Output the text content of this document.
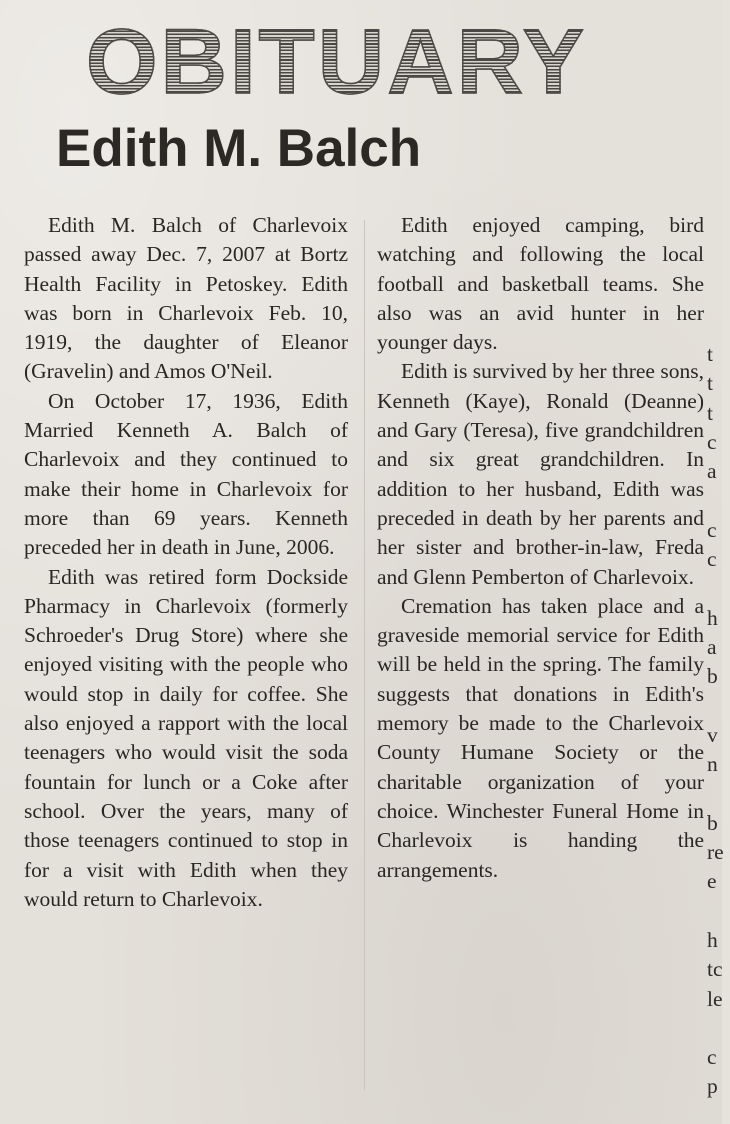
OBITUARY
Edith M. Balch

Edith M. Balch of Charlevoix passed away Dec. 7, 2007 at Bortz Health Facility in Petoskey. Edith was born in Charlevoix Feb. 10, 1919, the daughter of Eleanor (Gravelin) and Amos O'Neil.

On October 17, 1936, Edith Married Kenneth A. Balch of Charlevoix and they continued to make their home in Charlevoix for more than 69 years. Kenneth preceded her in death in June, 2006.

Edith was retired form Dockside Pharmacy in Charlevoix (formerly Schroeder's Drug Store) where she enjoyed visiting with the people who would stop in daily for coffee. She also enjoyed a rapport with the local teenagers who would visit the soda fountain for lunch or a Coke after school. Over the years, many of those teenagers continued to stop in for a visit with Edith when they would return to Charlevoix.

Edith enjoyed camping, bird watching and following the local football and basketball teams. She also was an avid hunter in her younger days.

Edith is survived by her three sons, Kenneth (Kaye), Ronald (Deanne) and Gary (Teresa), five grandchildren and six great grandchildren. In addition to her husband, Edith was preceded in death by her parents and her sister and brother-in-law, Freda and Glenn Pemberton of Charlevoix.

Cremation has taken place and a graveside memorial service for Edith will be held in the spring. The family suggests that donations in Edith's memory be made to the Charlevoix County Humane Society or the charitable organization of your choice. Winchester Funeral Home in Charlevoix is handing the arrangements.

t
t
t
c
a
c
c
h
a
b
v
n
b
re
e
h
tc
le
c
p
